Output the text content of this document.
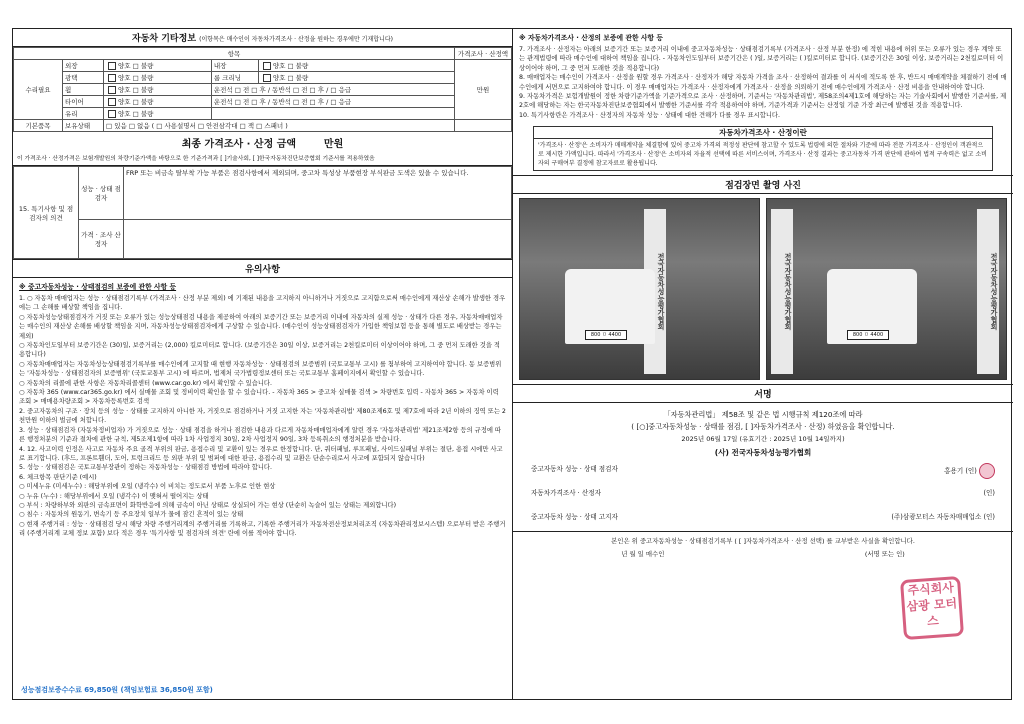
자동차 기타정보 (이항목은 매수인이 자동차가격조사 · 산정을 원하는 경우에만 기재합니다)
항목					가격조사 · 산정액
수리필요	외장	양호 □ 불량	내장	양호 □ 불량	만원
	광택	양호 □ 불량	룸 크리닝	양호 □ 불량	
	휠	양호 □ 불량	운전석 □ 전 □ 후 / 동반석 □ 전 □ 후 / □ 응급		
	타이어	양호 □ 불량	운전석 □ 전 □ 후 / 동반석 □ 전 □ 후 / □ 응급		
	유리	양호 □ 불량			
기본품목	보유상태	□ 있음 □ 없음 ( □ 사용설명서 □ 안전삼각대 □ 잭 □ 스패너 )			
최종 가격조사 · 산정 금액	만원
이 가격조사 · 산정가격은 보험개발원의 차량기준가액을 바탕으로 한 기준가격과 [ ]기술사회, [ ]한국자동차진단보증협회 기준서를 적용하였음
15. 특기사항 및 점검자의 의견	성능 · 상태 점검자	FRP 또는 비금속 탈부착 가능 부품은 점검사항에서 제외되며, 중고차 특성상 부품현장 부식판금 도색은 있을 수 있습니다.
	가격 · 조사 산정자	
유의사항
※ 중고자동차성능 · 상태점검의 보증에 관한 사항 등

1. ○ 자동차 매매업자는 성능 · 상태점검기록부 (가격조사 · 산정 부분 제외) 에 기재된 내용을 고지하지 아니하거나 거짓으로 고지함으로써 매수인에게 재산상 손해가 발생한 경우에는 그 손해를 배상할 책임을 집니다.

○ 자동차성능상태점검자가 거짓 또는 오류가 있는 성능상태점검 내용을 제공하여 아래의 보증기간 또는 보증거리 이내에 자동차의 실제 성능 · 상태가 다른 경우, 자동차매매업자는 매수인의 재산상 손해를 배상할 책임을 지며, 자동차성능상태점검자에게 구상할 수 있습니다. (매수인이 성능상태점검자가 가입한 책임보험 등을 통해 별도로 배상받는 경우는 제외)

○ 자동차인도일부터 보증기간은 (30)일, 보증거리는 (2,000) 킬로미터로 합니다. (보증기간은 30일 이상, 보증거리는 2천킬로미터 이상이어야 하며, 그 중 먼저 도래한 것을 적용합니다)

○ 자동차매매업자는 자동차성능상태점검기록부를 매수인에게 고지할 때 현행 자동차성능 · 상태점검의 보증범위 (국토교통부 고시) 를 첨부하여 고지하여야 합니다. 동 보증범위는 '자동차성능 · 상태점검자의 보증범위' (국토교통부 고시) 에 따르며, 법제처 국가법령정보센터 또는 국토교통부 홈페이지에서 확인할 수 있습니다.

○ 자동차의 리콜에 관한 사항은 자동차리콜센터 (www.car.go.kr) 에서 확인할 수 있습니다.

○ 자동차 365 (www.car365.go.kr) 에서 실매물 조회 및 정비이력 확인을 할 수 있습니다. - 자동차 365 > 중고차 실매물 검색 > 차량번호 입력 - 자동차 365 > 자동차 이력 조회 > 매매용차량조회 > 자동차등록번호 검색

2. 중고자동차의 구조 · 장치 등의 성능 · 상태를 고지하지 아니한 자, 거짓으로 점검하거나 거짓 고지한 자는 '자동차관리법' 제80조제6호 및 제7호에 따라 2년 이하의 징역 또는 2천만원 이하의 벌금에 처합니다.

3. 성능 · 상태점검자 (자동차정비업자) 가 거짓으로 성능 · 상태 점검을 하거나 점검한 내용과 다르게 자동차매매업자에게 알린 경우 '자동차관리법' 제21조제2항 등의 규정에 따른 행정처분의 기준과 절차에 관한 규칙, 제5조제1항에 따라 1차 사업정지 30일, 2차 사업정지 90일, 3차 등록취소의 행정처분을 받습니다.

4. 12. 사고이력 인정은 사고로 자동차 주요 골격 부위의 판금, 용접수리 및 교환이 있는 경우로 한정합니다. 단, 쿼터패널, 루프패널, 사이드실패널 부위는 절단, 용접 시에만 사고로 표기합니다. (후드, 프론트휀더, 도어, 트렁크리드 등 외판 부위 및 범퍼에 대한 판금, 용접수리 및 교환은 단순수리로서 사고에 포함되지 않습니다)

5. 성능 · 상태점검은 국토교통부장관이 정하는 자동차성능 · 상태점검 방법에 따라야 합니다.

6. 체크항목 판단기준 (예시)

○ 미세누유 (미세누수) : 해당부위에 오일 (냉각수) 이 비치는 정도로서 부품 노후로 인한 현상

○ 누유 (누수) : 해당부위에서 오일 (냉각수) 이 맺혀서 떨어지는 상태

○ 부식 : 차량하부와 외판의 금속표면이 화학반응에 의해 금속이 아닌 상태로 상실되어 가는 현상 (단순히 녹슬어 있는 상태는 제외합니다)

○ 침수 : 자동차의 원동기, 변속기 등 주요장치 일부가 물에 잠긴 흔적이 있는 상태

○ 현재 주행거리 : 성능 · 상태점검 당시 해당 차량 주행거리계의 주행거리를 기록하고, 기록한 주행거리가 자동차전산정보처리조직 (자동차관리정보시스템) 으로부터 받은 주행거리 (주행거리계 교체 정보 포함) 보다 적은 경우 '특기사항 및 점검자의 의견' 란에 이를 적어야 합니다.

※ 자동차가격조사 · 산정의 보증에 관한 사항 등

7. 가격조사 · 산정자는 아래의 보증기간 또는 보증거리 이내에 중고자동차성능 · 상태점검기록부 (가격조사 · 산정 부분 한정) 에 적힌 내용에 허위 또는 오류가 있는 경우 계약 또는 관계법령에 따라 매수인에 대하여 책임을 집니다. - 자동차인도일부터 보증기간은 ( )일, 보증거리는 ( )킬로미터로 합니다. (보증기간은 30일 이상, 보증거리는 2천킬로미터 이상이어야 하며, 그 중 먼저 도래한 것을 적용합니다)

8. 매매업자는 매수인이 가격조사 · 산정을 원할 경우 가격조사 · 산정자가 해당 자동차 가격을 조사 · 산정하여 결과를 이 서식에 적도록 한 후, 반드시 매매계약을 체결하기 전에 매수인에게 서면으로 고지하여야 합니다. 이 경우 매매업자는 가격조사 · 산정자에게 가격조사 · 산정을 의뢰하기 전에 매수인에게 가격조사 · 산정 비용을 안내하여야 합니다.

9. 자동차가격은 보험개발원이 정한 차량기준가액을 기준가격으로 조사 · 산정하며, 기준서는 '자동차관리법', 제58조의4제1호에 해당하는 자는 기술사회에서 발행한 기준서를, 제2호에 해당하는 자는 한국자동차진단보증협회에서 발행한 기준서를 각각 적용하여야 하며, 기준가격과 기준서는 산정일 기준 가장 최근에 발행된 것을 적용합니다.

10. 특기사항란은 가격조사 · 산정자의 자동차 성능 · 상태에 대한 견해가 다를 경우 표시합니다.

자동차가격조사 · 산정이란
'가격조사 · 산정'은 소비자가 매매계약을 체결함에 있어 중고차 가격의 적정성 판단에 참고할 수 있도록 법령에 의한 절차와 기준에 따라 전문 가격조사 · 산정인이 객관적으로 제시한 가액입니다. 따라서 '가격조사 · 산정'은 소비자의 자율적 선택에 따른 서비스이며, 가격조사 · 산정 결과는 중고자동차 가격 판단에 관하여 법적 구속력은 없고 소비자의 구매여부 결정에 참고자료로 활용됩니다.
점검장면 촬영 사진
전국자동차성능평가협회
800 ㅁ 4400
전국자동차성능평가협회	전국자동차성능평가협회
800 ㅁ 4400
서명
「자동차관리법」 제58조 및 같은 법 시행규칙 제120조에 따라
( [○]중고자동차성능 · 상태를 점검, [ ]자동차가격조사 · 산정) 하였음을 확인합니다.
2025년 06월 17일 (유효기간 : 2025년 10월 14일까지)
(사) 전국자동차성능평가협회
중고자동차 성능 · 상태 점검자	홍용기 (인)
자동차가격조사 · 산정자	(인)
중고자동차 성능 · 상태 고지자	(주)삼광모터스 자동차매매업소 (인)
본인은 위 중고자동차성능 · 상태점검기록부 ( [ ]자동차가격조사 · 산정 선택) 를 교부받은 사실을 확인합니다.
년 월 일 매수인	(서명 또는 인)
성능점검보증수수료 69,850원 (책임보험료 36,850원 포함)
주식회사 삼광 모터스
